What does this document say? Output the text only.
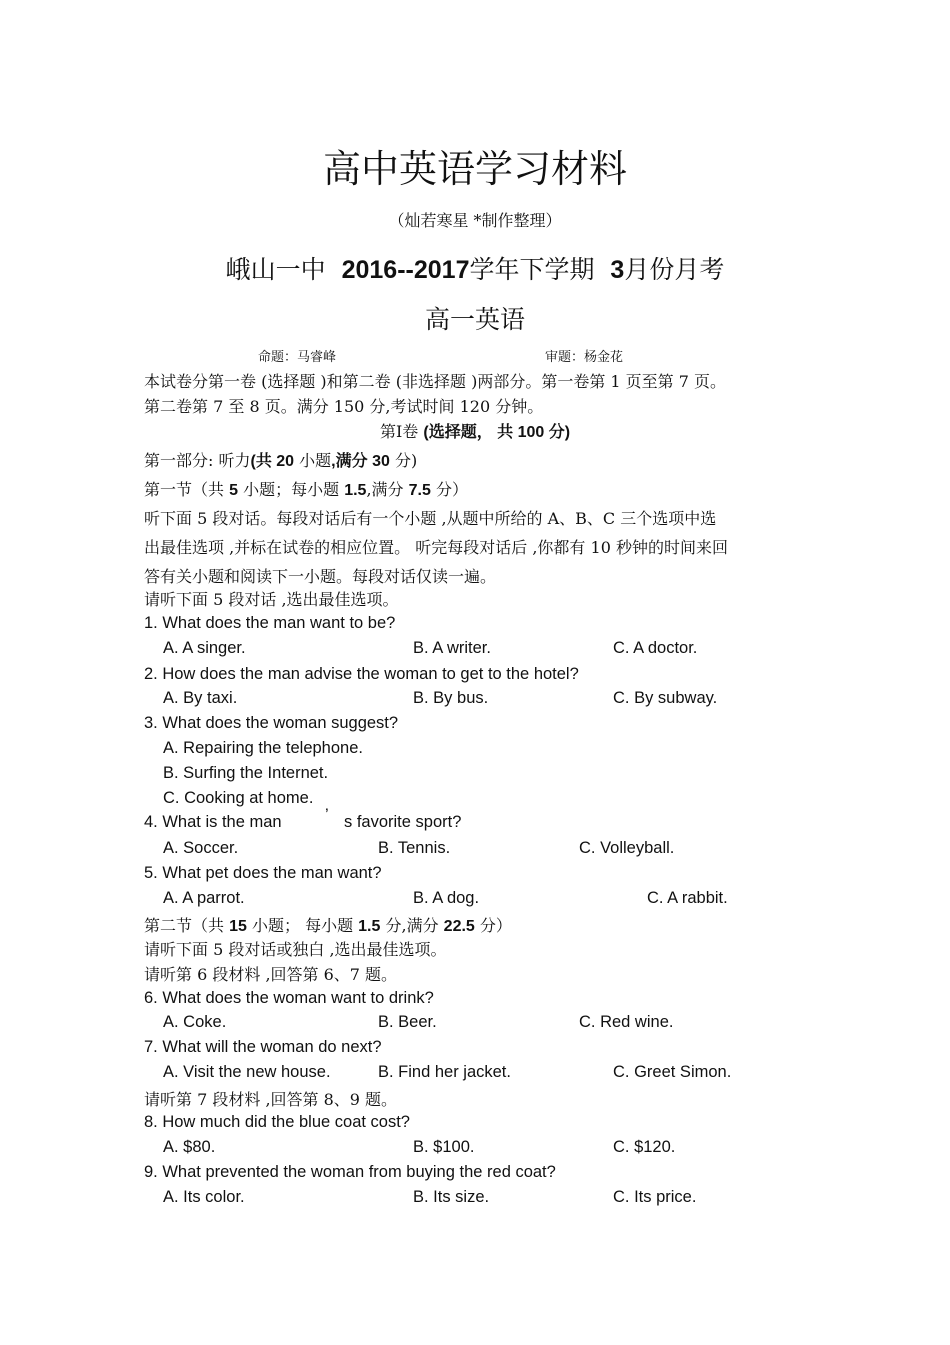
高中英语学习材料
（灿若寒星 *制作整理）
峨山一中 2016--2017学年下学期 3月份月考
高一英语
命题：马睿峰	审题：杨金花
本试卷分第一卷 (选择题 )和第二卷 (非选择题 )两部分。第一卷第 1 页至第 7 页。
第二卷第 7 至 8 页。满分 150 分,考试时间 120 分钟。
第Ⅰ卷 (选择题， 共 100 分)
第一部分: 听力(共 20 小题,满分 30 分)
第一节（共 5 小题；每小题 1.5,满分 7.5 分）
听下面 5 段对话。每段对话后有一个小题 ,从题中所给的 A、B、C 三个选项中选
出最佳选项 ,并标在试卷的相应位置。 听完每段对话后 ,你都有 10 秒钟的时间来回
答有关小题和阅读下一小题。每段对话仅读一遍。
请听下面 5 段对话 ,选出最佳选项。
1. What does the man want to be?
A. A singer.	B. A writer.	C. A doctor.
2. How does the man advise the woman to get to the hotel?
A. By taxi.	B. By bus.	C. By subway.
3. What does the woman suggest?
A. Repairing the telephone.
B. Surfing the Internet.
C. Cooking at home.
4. What is the man	’ s favorite sport?
A. Soccer.	B. Tennis.	C. Volleyball.
5. What pet does the man want?
A. A parrot.	B. A dog.	C. A rabbit.
第二节（共 15 小题； 每小题 1.5 分,满分 22.5 分）
请听下面 5 段对话或独白 ,选出最佳选项。
请听第 6 段材料 ,回答第 6、7 题。
6. What does the woman want to drink?
A. Coke.	B. Beer.	C. Red wine.
7. What will the woman do next?
A. Visit the new house.	B. Find her jacket.	C. Greet Simon.
请听第 7 段材料 ,回答第 8、9 题。
8. How much did the blue coat cost?
A. $80.	B. $100.	C. $120.
9. What prevented the woman from buying the red coat?
A. Its color.	B. Its size.	C. Its price.
